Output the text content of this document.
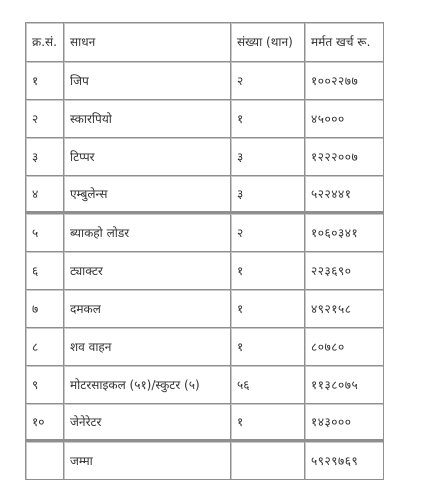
क्र.सं.	साधन	संख्या (थान)	मर्मत खर्च रू.
१	जिप	२	१००२२७७
२	स्कारपियो	१	४५०००
३	टिप्पर	३	१२२२००७
४	एम्बुलेन्स	३	५२२४४१
५	ब्याकहो लोडर	२	१०६०३४१
६	ट्याक्टर	१	२२३६९०
७	दमकल	१	४९२१५८
८	शव वाहन	१	८०७८०
९	मोटरसाइकल (५१)/स्कुटर (५)	५६	११३८०७५
१०	जेनेरेटर	१	१४३०००
	जम्मा		५९२९७६९
